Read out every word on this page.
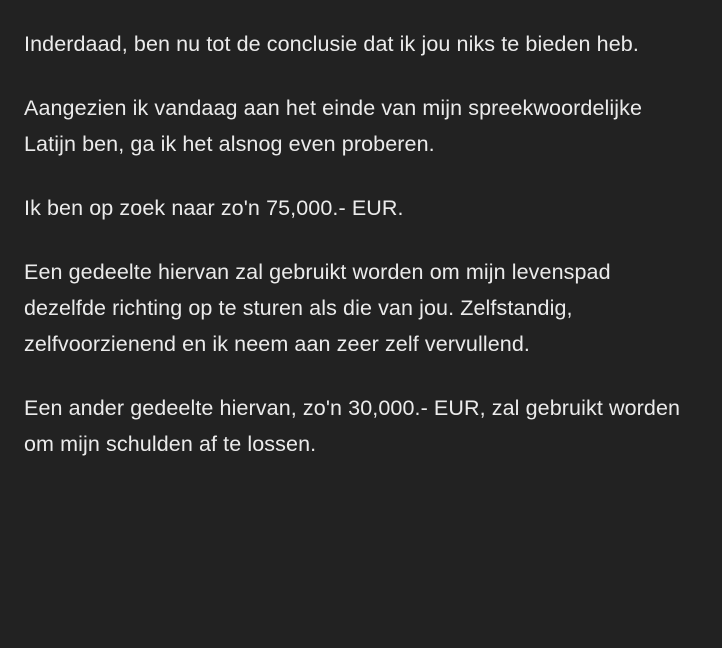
Inderdaad, ben nu tot de conclusie dat ik jou niks te bieden heb.

Aangezien ik vandaag aan het einde van mijn spreekwoordelijke Latijn ben, ga ik het alsnog even proberen.

Ik ben op zoek naar zo'n 75,000.- EUR.

Een gedeelte hiervan zal gebruikt worden om mijn levenspad dezelfde richting op te sturen als die van jou. Zelfstandig, zelfvoorzienend en ik neem aan zeer zelf vervullend.

Een ander gedeelte hiervan, zo'n 30,000.- EUR, zal gebruikt worden om mijn schulden af te lossen.
